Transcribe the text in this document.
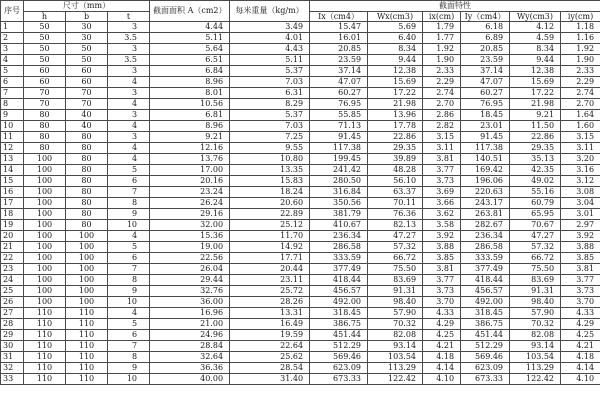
序号	尺寸（mm）			截面面积 A（cm2）	每米重量（kg/m）	截面特性					
	h	b	t			Ix（cm4）	Wx(cm3)	ix(cm)	Iy（cm4）	Wy(cm3)	iy(cm)
1	50	30	3	4.44	3.49	15.47	5.69	1.79	6.18	4.12	1.18
2	50	30	3.5	5.11	4.01	16.01	6.40	1.77	6.89	4.59	1.16
3	50	50	3	5.64	4.43	20.85	8.34	1.92	20.85	8.34	1.92
4	50	50	3.5	6.51	5.11	23.59	9.44	1.90	23.59	9.44	1.90
5	60	60	3	6.84	5.37	37.14	12.38	2.33	37.14	12.38	2.33
6	60	60	4	8.96	7.03	47.07	15.69	2.29	47.07	15.69	2.29
7	70	70	3	8.01	6.31	60.27	17.22	2.74	60.27	17.22	2.74
8	70	70	4	10.56	8.29	76.95	21.98	2.70	76.95	21.98	2.70
9	80	40	3	6.81	5.37	55.85	13.96	2.86	18.45	9.21	1.64
10	80	40	4	8.96	7.03	71.13	17.78	2.82	23.01	11.50	1.60
11	80	80	3	9.21	7.25	91.45	22.86	3.15	91.45	22.86	3.15
12	80	80	4	12.16	9.55	117.38	29.35	3.11	117.38	29.35	3.11
13	100	80	4	13.76	10.80	199.45	39.89	3.81	140.51	35.13	3.20
14	100	80	5	17.00	13.35	241.42	48.28	3.77	169.42	42.35	3.16
15	100	80	6	20.16	15.83	280.50	56.10	3.73	196.06	49.02	3.12
16	100	80	7	23.24	18.24	316.84	63.37	3.69	220.63	55.16	3.08
17	100	80	8	26.24	20.60	350.56	70.11	3.66	243.17	60.79	3.04
18	100	80	9	29.16	22.89	381.79	76.36	3.62	263.81	65.95	3.01
19	100	80	10	32.00	25.12	410.67	82.13	3.58	282.67	70.67	2.97
20	100	100	4	15.36	11.70	236.34	47.27	3.92	236.34	47.27	3.92
21	100	100	5	19.00	14.92	286.58	57.32	3.88	286.58	57.32	3.88
22	100	100	6	22.56	17.71	333.59	66.72	3.85	333.59	66.72	3.85
23	100	100	7	26.04	20.44	377.49	75.50	3.81	377.49	75.50	3.81
24	100	100	8	29.44	23.11	418.44	83.69	3.77	418.44	83.69	3.77
25	100	100	9	32.76	25.72	456.57	91.31	3.73	456.57	91.31	3.73
26	100	100	10	36.00	28.26	492.00	98.40	3.70	492.00	98.40	3.70
27	110	110	4	16.96	13.31	318.45	57.90	4.33	318.45	57.90	4.33
28	110	110	5	21.00	16.49	386.75	70.32	4.29	386.75	70.32	4.29
29	110	110	6	24.96	19.59	451.44	82.08	4.25	451.44	82.08	4.25
30	110	110	7	28.84	22.64	512.29	93.14	4.21	512.29	93.14	4.21
31	110	110	8	32.64	25.62	569.46	103.54	4.18	569.46	103.54	4.18
32	110	110	9	36.36	28.54	623.09	113.29	4.14	623.09	113.29	4.14
33	110	110	10	40.00	31.40	673.33	122.42	4.10	673.33	122.42	4.10
